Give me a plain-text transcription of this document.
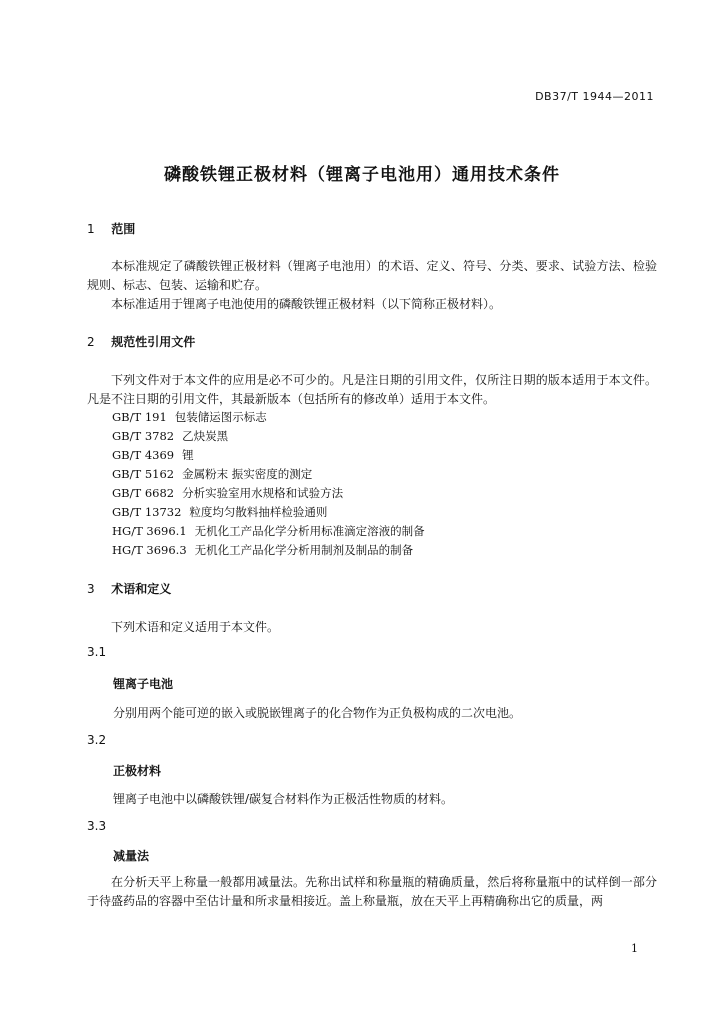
DB37/T 1944—2011
磷酸铁锂正极材料（锂离子电池用）通用技术条件
1 范围
本标准规定了磷酸铁锂正极材料（锂离子电池用）的术语、定义、符号、分类、要求、试验方法、检验规则、标志、包装、运输和贮存。
本标准适用于锂离子电池使用的磷酸铁锂正极材料（以下简称正极材料）。
2 规范性引用文件
下列文件对于本文件的应用是必不可少的。凡是注日期的引用文件，仅所注日期的版本适用于本文件。凡是不注日期的引用文件，其最新版本（包括所有的修改单）适用于本文件。
GB/T 191 包装储运图示标志
GB/T 3782 乙炔炭黑
GB/T 4369 锂
GB/T 5162 金属粉末 振实密度的测定
GB/T 6682 分析实验室用水规格和试验方法
GB/T 13732 粒度均匀散料抽样检验通则
HG/T 3696.1 无机化工产品化学分析用标准滴定溶液的制备
HG/T 3696.3 无机化工产品化学分析用制剂及制品的制备
3 术语和定义
下列术语和定义适用于本文件。
3.1
锂离子电池
分别用两个能可逆的嵌入或脱嵌锂离子的化合物作为正负极构成的二次电池。
3.2
正极材料
锂离子电池中以磷酸铁锂/碳复合材料作为正极活性物质的材料。
3.3
减量法
在分析天平上称量一般都用减量法。先称出试样和称量瓶的精确质量，然后将称量瓶中的试样倒一部分于待盛药品的容器中至估计量和所求量相接近。盖上称量瓶，放在天平上再精确称出它的质量，两
1
